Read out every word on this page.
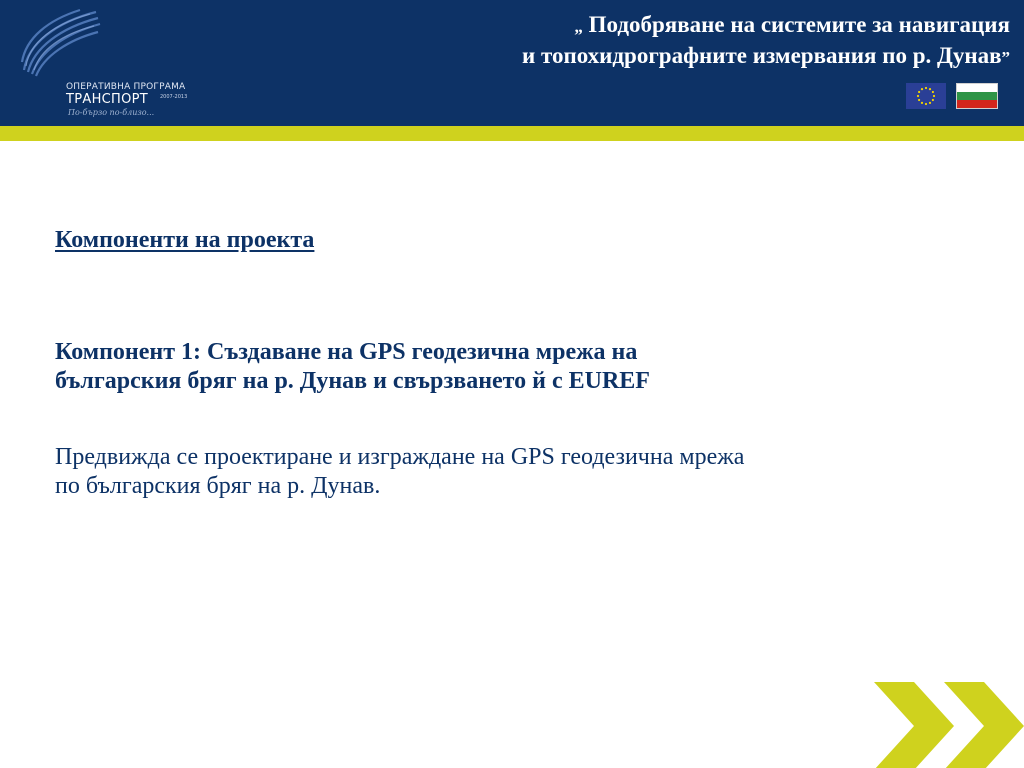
ОПЕРАТИВНА ПРОГРАМА
ТРАНСПОРТ 2007-2013
По-бързо по-близо...
„ Подобряване на системите за навигация
и топохидрографните измервания по р. Дунав”
Компоненти на проекта
Компонент 1: Създаване на GPS геодезична мрежа на
българския бряг на р. Дунав и свързването й с EUREF
Предвижда се проектиране и изграждане на GPS геодезична мрежа
по българския бряг на р. Дунав.
